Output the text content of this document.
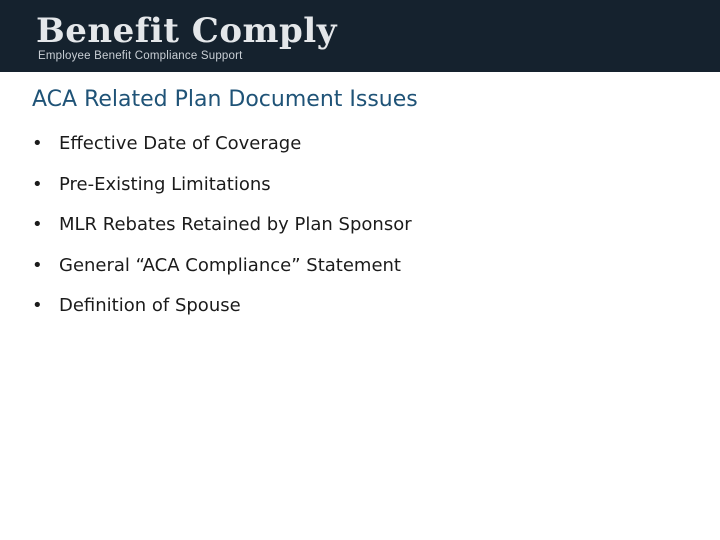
Benefit Comply
Employee Benefit Compliance Support
ACA Related Plan Document Issues
• Effective Date of Coverage
• Pre-Existing Limitations
• MLR Rebates Retained by Plan Sponsor
• General “ACA Compliance” Statement
• Definition of Spouse
